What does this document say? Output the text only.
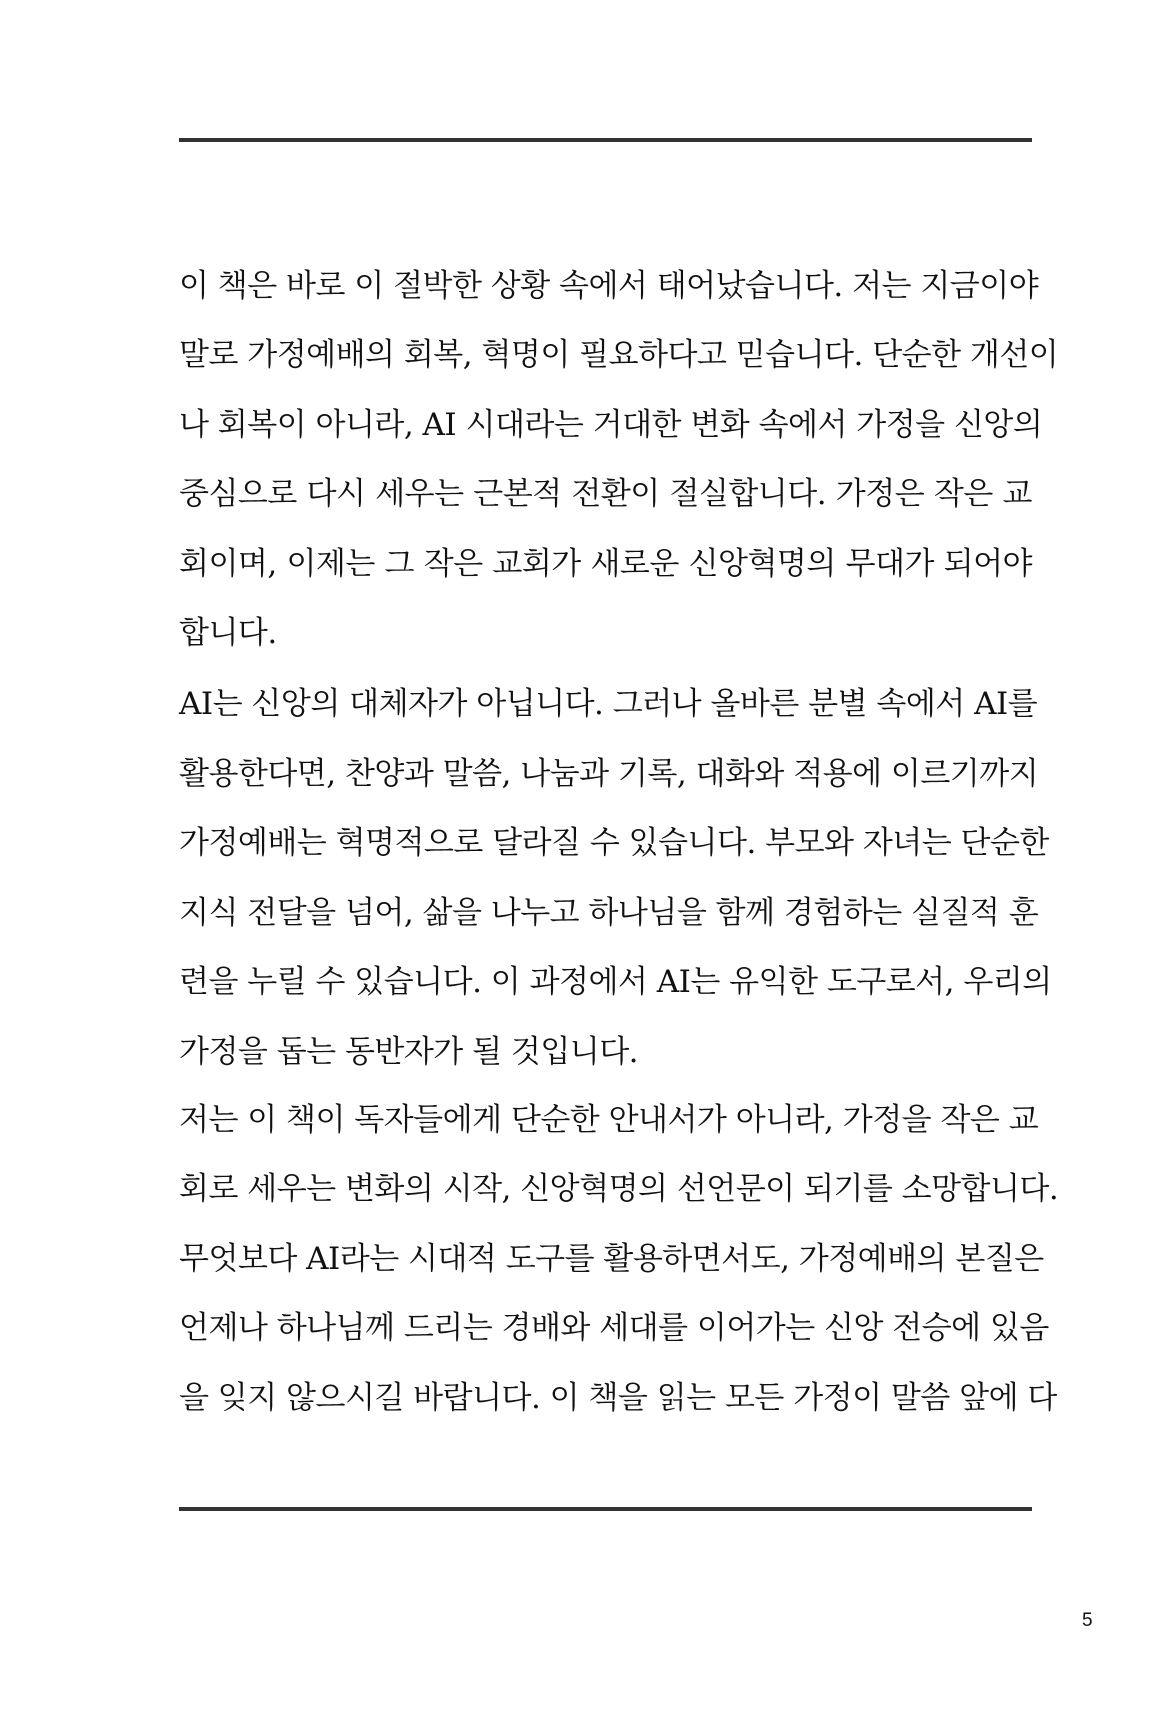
이 책은 바로 이 절박한 상황 속에서 태어났습니다. 저는 지금이야
말로 가정예배의 회복, 혁명이 필요하다고 믿습니다. 단순한 개선이
나 회복이 아니라, AI 시대라는 거대한 변화 속에서 가정을 신앙의
중심으로 다시 세우는 근본적 전환이 절실합니다. 가정은 작은 교
회이며, 이제는 그 작은 교회가 새로운 신앙혁명의 무대가 되어야
합니다.
AI는 신앙의 대체자가 아닙니다. 그러나 올바른 분별 속에서 AI를
활용한다면, 찬양과 말씀, 나눔과 기록, 대화와 적용에 이르기까지
가정예배는 혁명적으로 달라질 수 있습니다. 부모와 자녀는 단순한
지식 전달을 넘어, 삶을 나누고 하나님을 함께 경험하는 실질적 훈
련을 누릴 수 있습니다. 이 과정에서 AI는 유익한 도구로서, 우리의
가정을 돕는 동반자가 될 것입니다.
저는 이 책이 독자들에게 단순한 안내서가 아니라, 가정을 작은 교
회로 세우는 변화의 시작, 신앙혁명의 선언문이 되기를 소망합니다.
무엇보다 AI라는 시대적 도구를 활용하면서도, 가정예배의 본질은
언제나 하나님께 드리는 경배와 세대를 이어가는 신앙 전승에 있음
을 잊지 않으시길 바랍니다. 이 책을 읽는 모든 가정이 말씀 앞에 다
5
